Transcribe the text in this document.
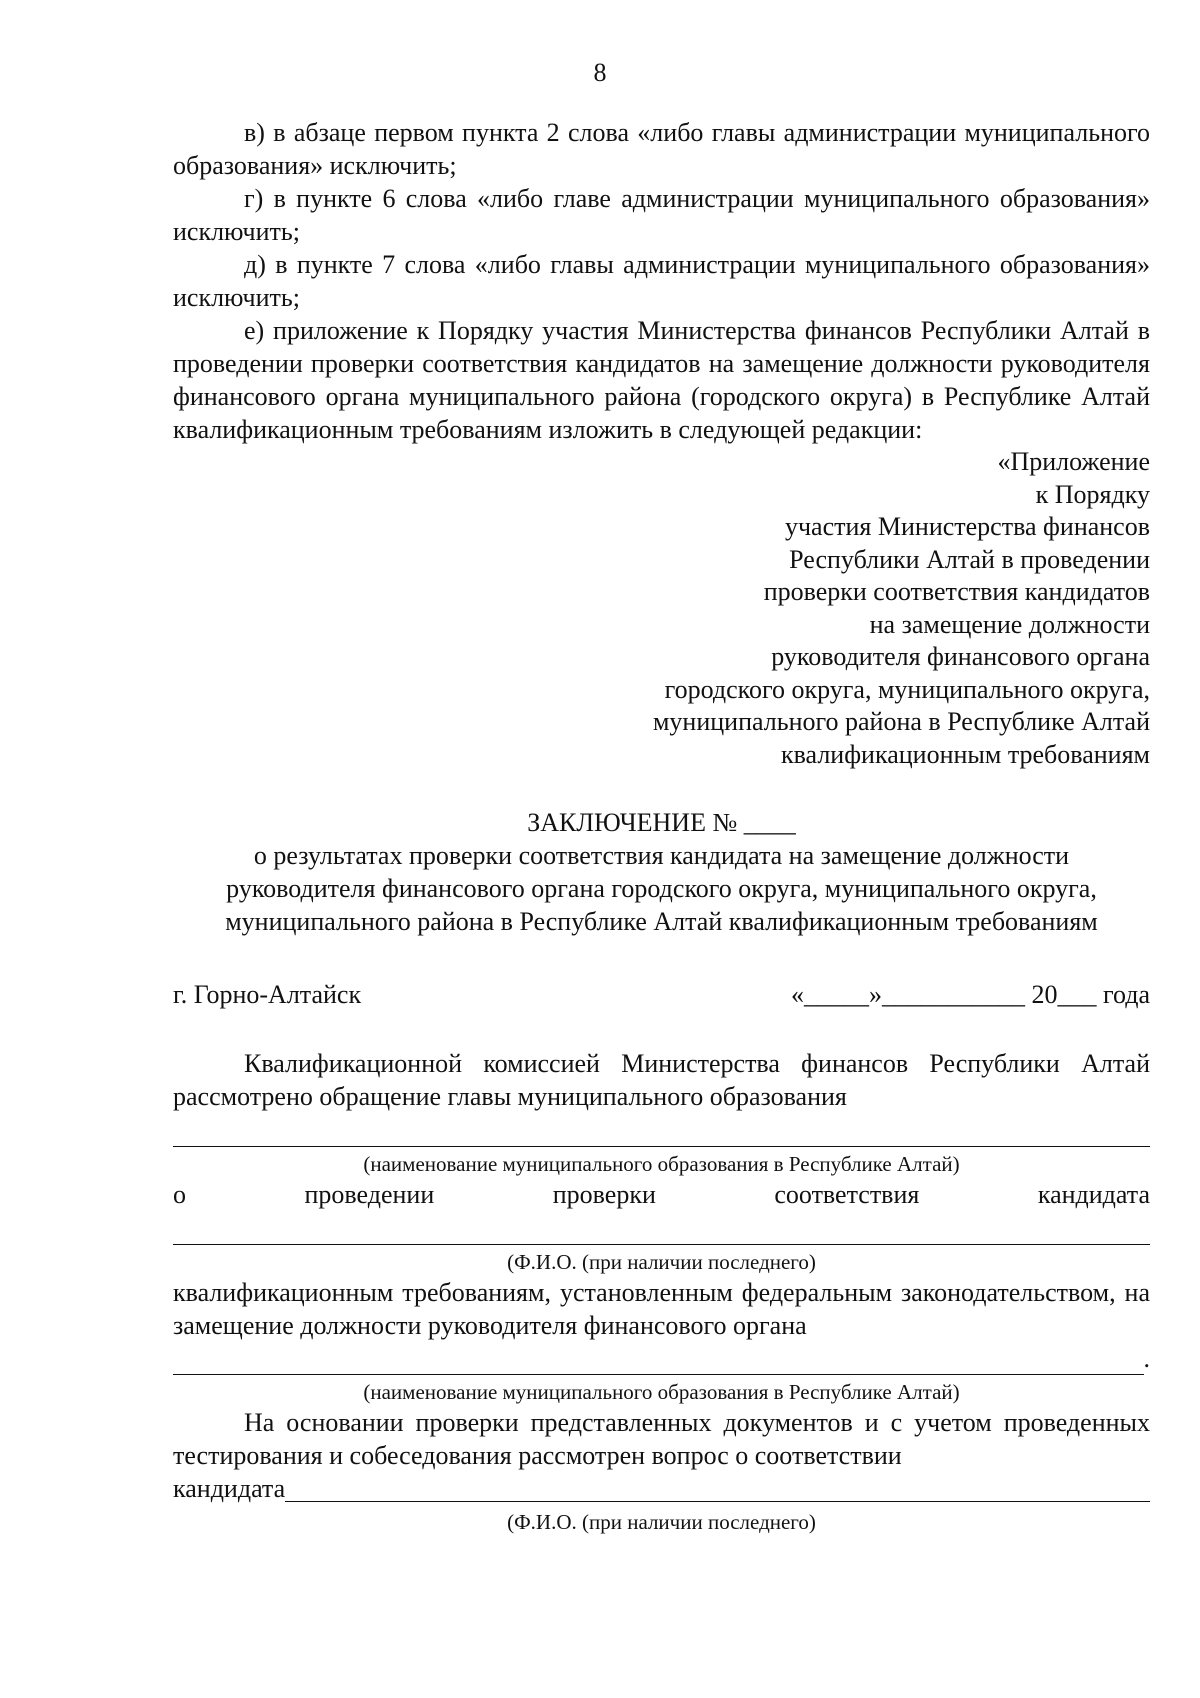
8

в) в абзаце первом пункта 2 слова «либо главы администрации муниципального образования» исключить;

г) в пункте 6 слова «либо главе администрации муниципального образования» исключить;

д) в пункте 7 слова «либо главы администрации муниципального образования» исключить;

е) приложение к Порядку участия Министерства финансов Республики Алтай в проведении проверки соответствия кандидатов на замещение должности руководителя финансового органа муниципального района (городского округа) в Республике Алтай квалификационным требованиям изложить в следующей редакции:

«Приложение
к Порядку
участия Министерства финансов
Республики Алтай в проведении
проверки соответствия кандидатов
на замещение должности
руководителя финансового органа
городского округа, муниципального округа,
муниципального района в Республике Алтай
квалификационным требованиям
ЗАКЛЮЧЕНИЕ № ____
о результатах проверки соответствия кандидата на замещение должности
руководителя финансового органа городского округа, муниципального округа,
муниципального района в Республике Алтай квалификационным требованиям
г. Горно-Алтайск	«_____»___________ 20___ года

Квалификационной комиссией Министерства финансов Республики Алтай рассмотрено обращение главы муниципального образования

(наименование муниципального образования в Республике Алтай)
о	проведении	проверки	соответствия	кандидата
(Ф.И.О. (при наличии последнего)

квалификационным требованиям, установленным федеральным законодательством, на замещение должности руководителя финансового органа

.
(наименование муниципального образования в Республике Алтай)

На основании проверки представленных документов и с учетом проведенных тестирования и собеседования рассмотрен вопрос о соответствии

кандидата
(Ф.И.О. (при наличии последнего)
